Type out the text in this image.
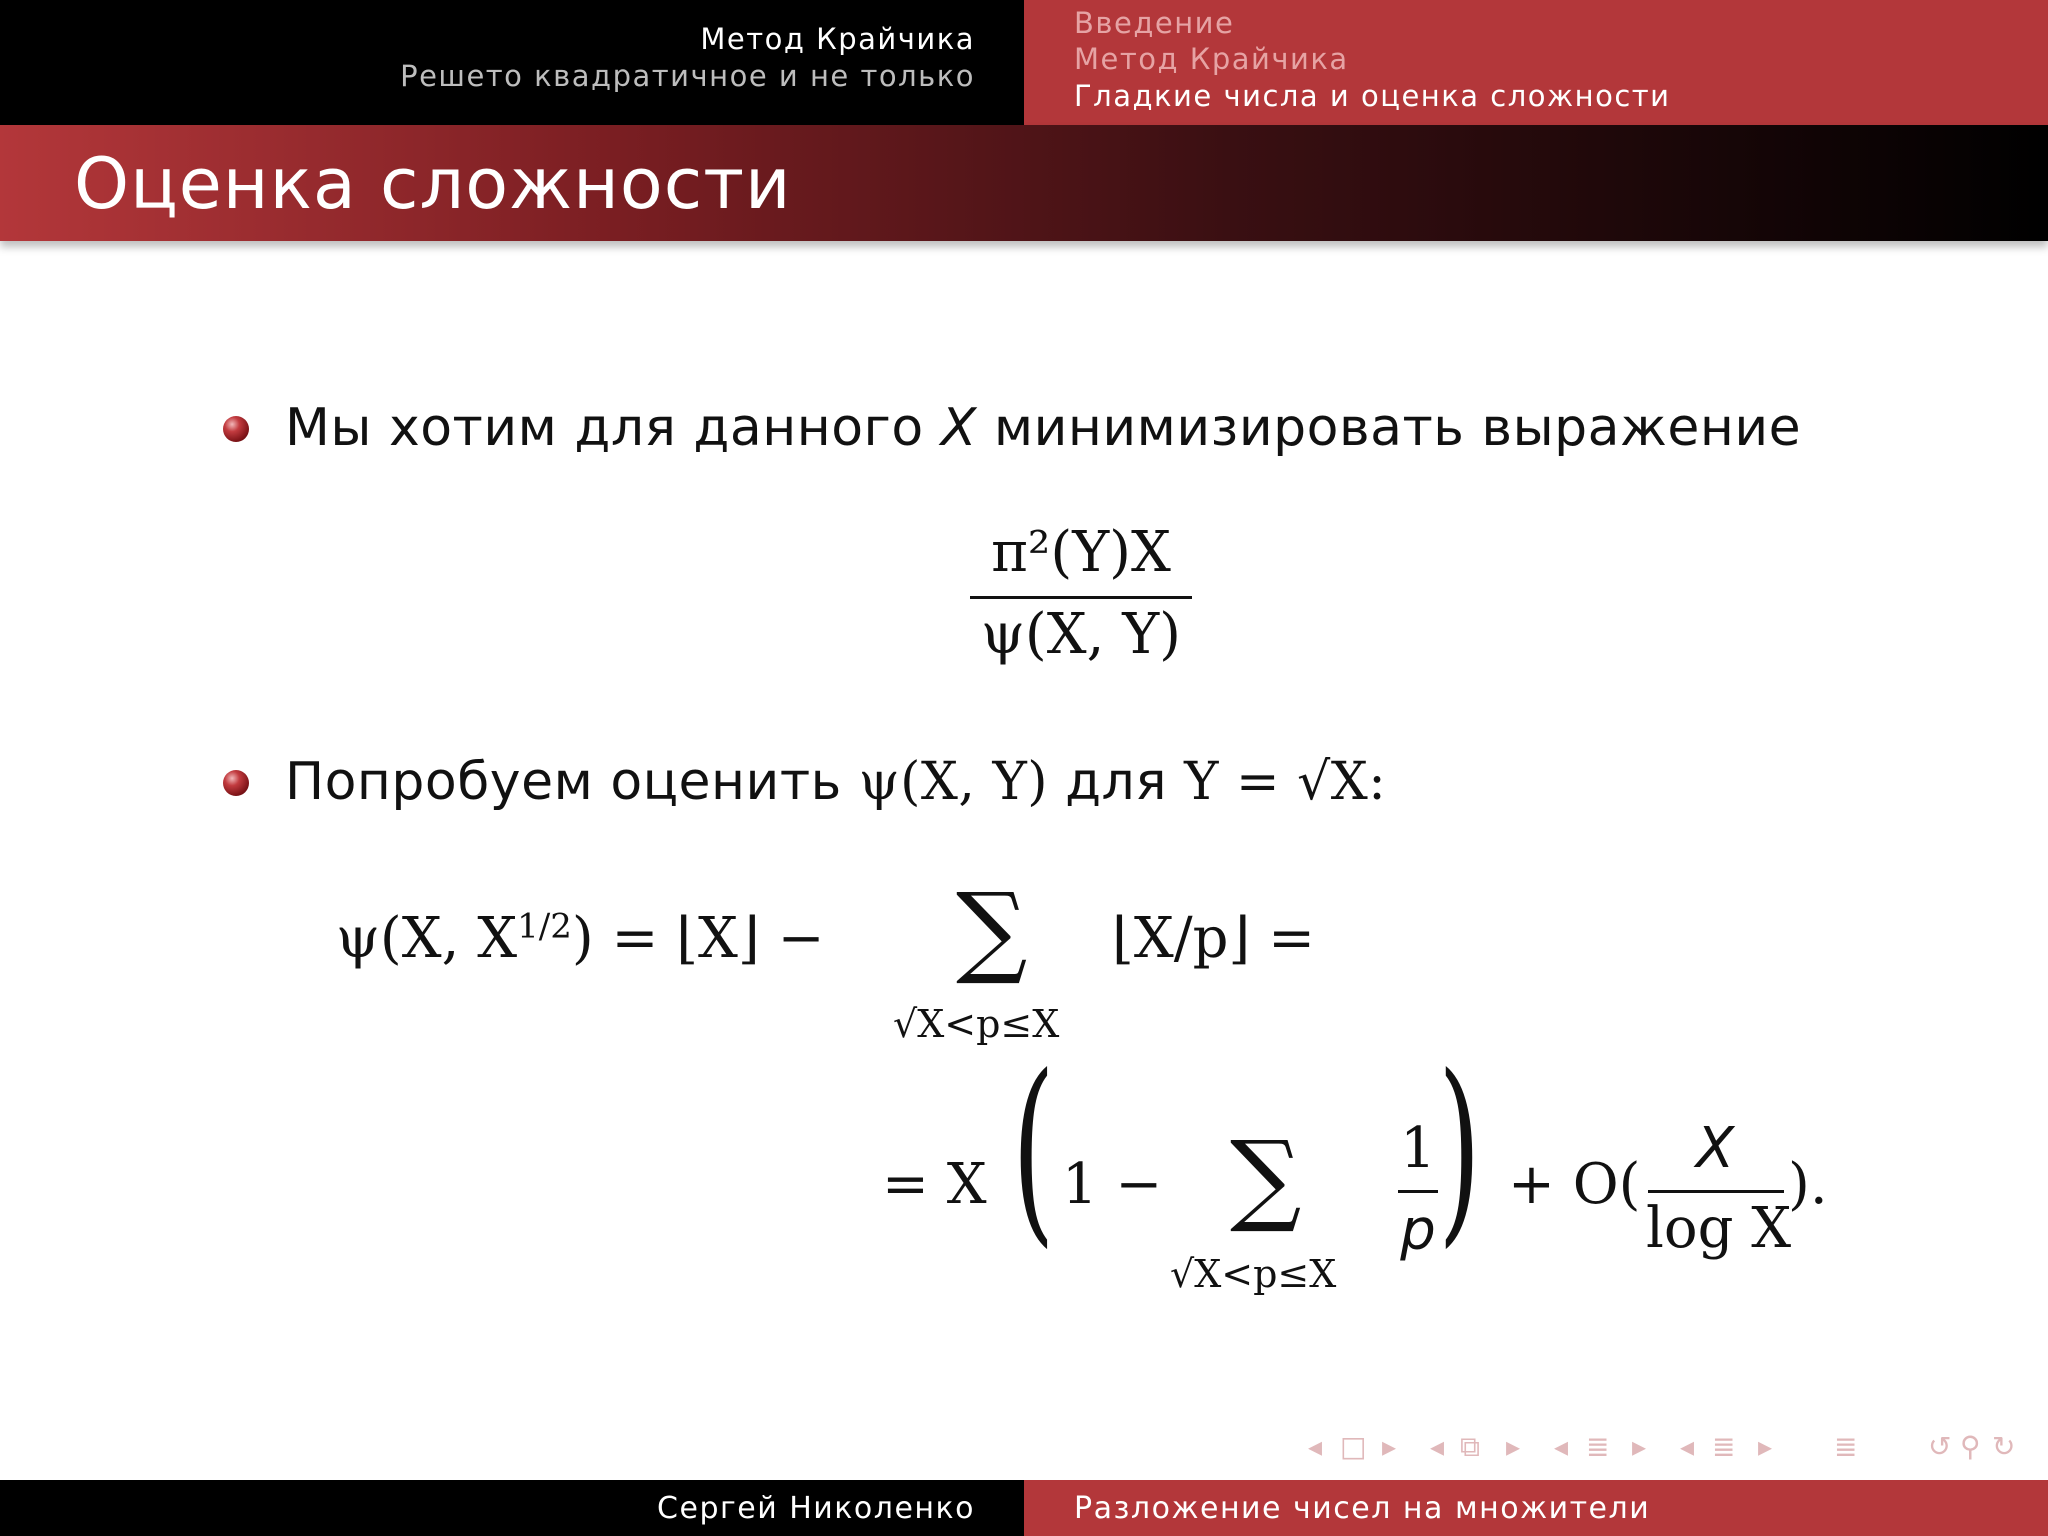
Метод Крайчика
Решето квадратичное и не только
Введение
Метод Крайчика
Гладкие числа и оценка сложности
Оценка сложности
Мы хотим для данного X минимизировать выражение
π²(Y)X
ψ(X, Y)
Попробуем оценить ψ(X, Y) для Y = √X:
ψ(X, $X^{1/2}$) = ⌊X⌋ − ∑
√X<p≤X
⌊X/p⌋ =
= X ( 1 − ∑
√X<p≤X
1
p ) + O(
X
log X
).
◂ □ ▸ ◂ ⧉ ▸ ◂ ≣ ▸ ◂ ≣ ▸ ≣	↺ ⚲ ↻
Сергей Николенко	Разложение чисел на множители
